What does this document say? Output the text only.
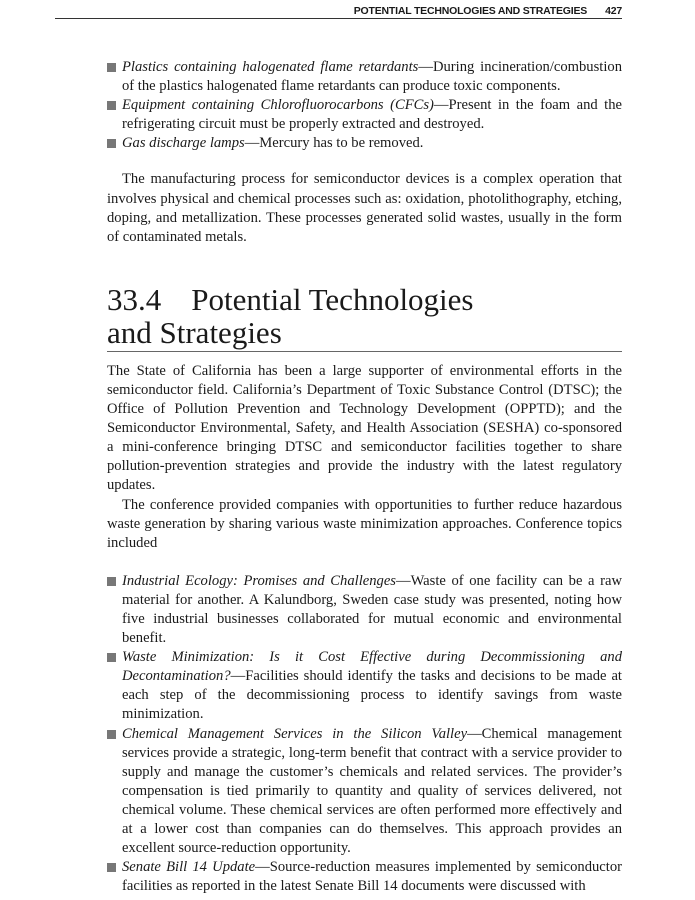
POTENTIAL TECHNOLOGIES AND STRATEGIES 427
Plastics containing halogenated flame retardants—During incineration/combustion of the plastics halogenated flame retardants can produce toxic components.
Equipment containing Chlorofluorocarbons (CFCs)—Present in the foam and the refrigerating circuit must be properly extracted and destroyed.
Gas discharge lamps—Mercury has to be removed.

The manufacturing process for semiconductor devices is a complex operation that involves physical and chemical processes such as: oxidation, photolithography, etching, doping, and metallization. These processes generated solid wastes, usually in the form of contaminated metals.

33.4 Potential Technologies
and Strategies

The State of California has been a large supporter of environmental efforts in the semiconductor field. California’s Department of Toxic Substance Control (DTSC); the Office of Pollution Prevention and Technology Development (OPPTD); and the Semiconductor Environmental, Safety, and Health Association (SESHA) co-sponsored a mini-conference bringing DTSC and semiconductor facilities together to share pollution-prevention strategies and provide the industry with the latest regulatory updates.

The conference provided companies with opportunities to further reduce hazardous waste generation by sharing various waste minimization approaches. Conference topics included

Industrial Ecology: Promises and Challenges—Waste of one facility can be a raw material for another. A Kalundborg, Sweden case study was presented, noting how five industrial businesses collaborated for mutual economic and environmental benefit.
Waste Minimization: Is it Cost Effective during Decommissioning and Decontamination?—Facilities should identify the tasks and decisions to be made at each step of the decommissioning process to identify savings from waste minimization.
Chemical Management Services in the Silicon Valley—Chemical management services provide a strategic, long-term benefit that contract with a service provider to supply and manage the customer’s chemicals and related services. The provider’s compensation is tied primarily to quantity and quality of services delivered, not chemical volume. These chemical services are often performed more effectively and at a lower cost than companies can do themselves. This approach provides an excellent source-reduction opportunity.
Senate Bill 14 Update—Source-reduction measures implemented by semiconductor facilities as reported in the latest Senate Bill 14 documents were discussed with
